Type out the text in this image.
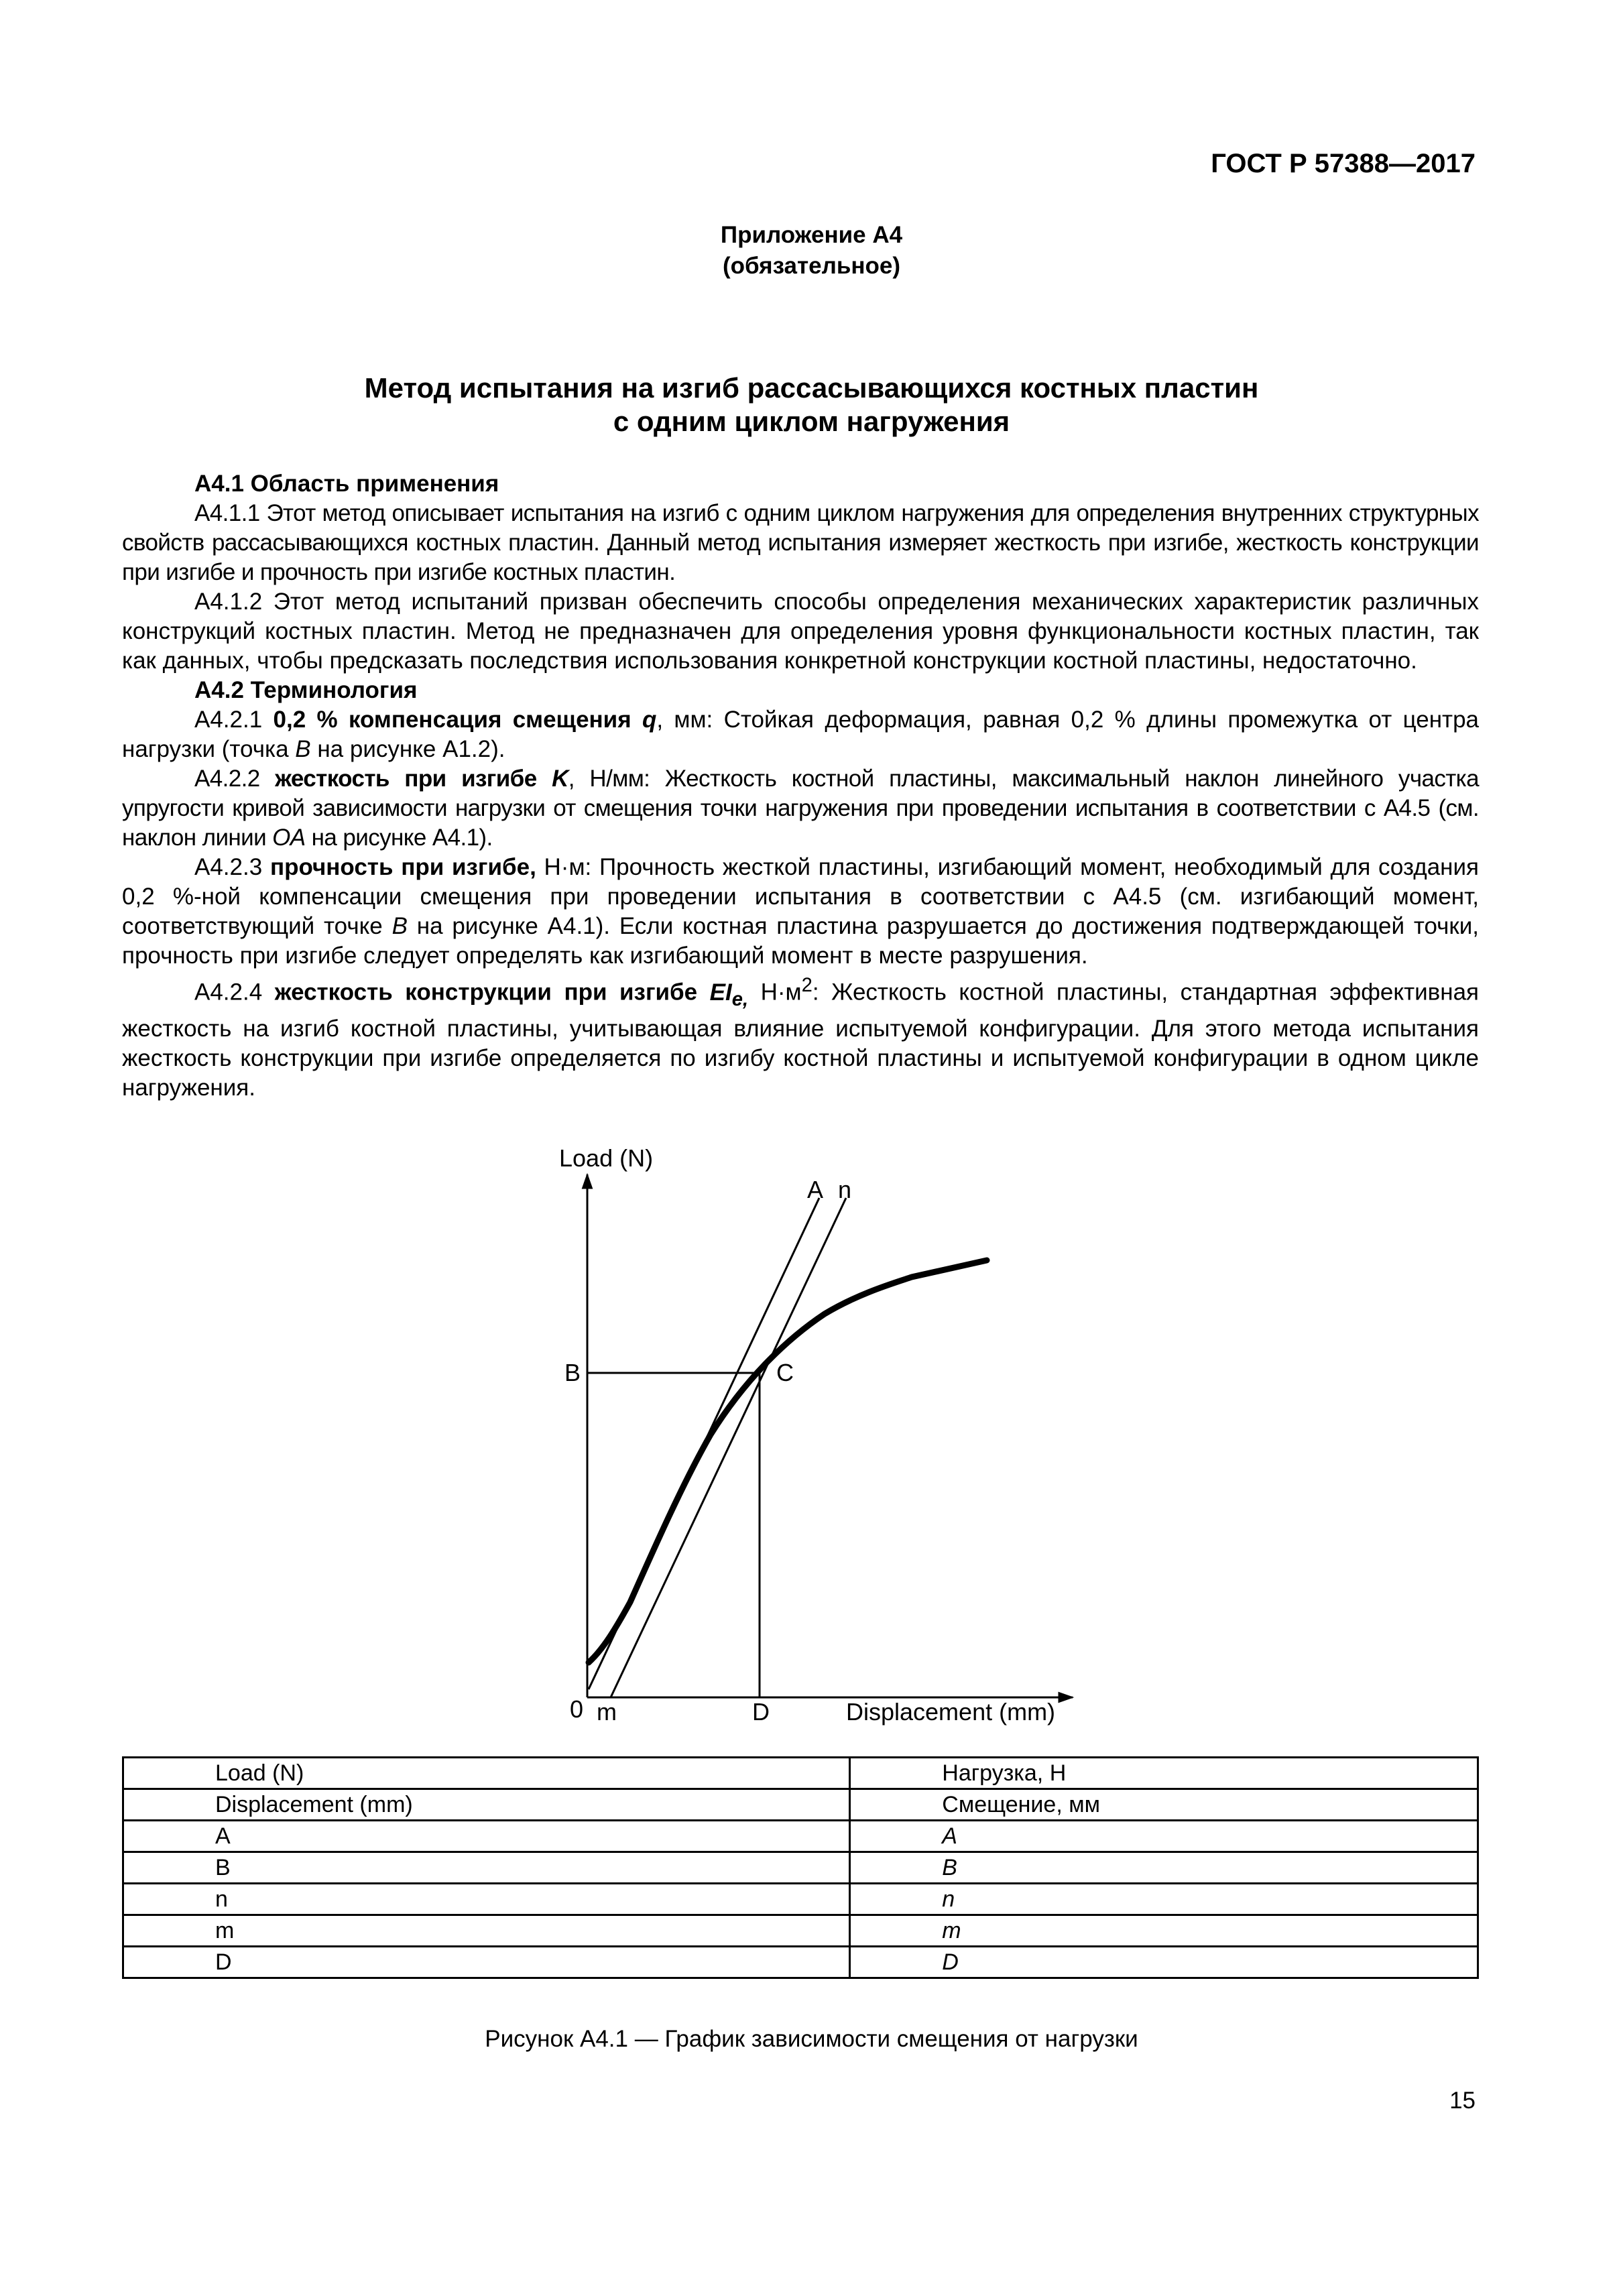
ГОСТ Р 57388—2017
Приложение А4
(обязательное)
Метод испытания на изгиб рассасывающихся костных пластин
с одним циклом нагружения

А4.1 Область применения

А4.1.1 Этот метод описывает испытания на изгиб с одним циклом нагружения для определения внутренних структурных свойств рассасывающихся костных пластин. Данный метод испытания измеряет жесткость при изгибе, жесткость конструкции при изгибе и прочность при изгибе костных пластин.

А4.1.2 Этот метод испытаний призван обеспечить способы определения механических характеристик различных конструкций костных пластин. Метод не предназначен для определения уровня функциональности костных пластин, так как данных, чтобы предсказать последствия использования конкретной конструкции костной пластины, недостаточно.

А4.2 Терминология

А4.2.1 0,2 % компенсация смещения q, мм: Стойкая деформация, равная 0,2 % длины промежутка от центра нагрузки (точка B на рисунке А1.2).

А4.2.2 жесткость при изгибе K, Н/мм: Жесткость костной пластины, максимальный наклон линейного участка упругости кривой зависимости нагрузки от смещения точки нагружения при проведении испытания в соответствии с А4.5 (см. наклон линии OA на рисунке А4.1).

А4.2.3 прочность при изгибе, Н·м: Прочность жесткой пластины, изгибающий момент, необходимый для создания 0,2 %-ной компенсации смещения при проведении испытания в соответствии с А4.5 (см. изгибающий момент, соответствующий точке B на рисунке А4.1). Если костная пластина разрушается до достижения подтверждающей точки, прочность при изгибе следует определять как изгибающий момент в месте разрушения.

А4.2.4 жесткость конструкции при изгибе $EI_{e,}$ $Н\cdot м^2$: Жесткость костной пластины, стандартная эффективная жесткость на изгиб костной пластины, учитывающая влияние испытуемой конфигурации. Для этого метода испытания жесткость конструкции при изгибе определяется по изгибу костной пластины и испытуемой конфигурации в одном цикле нагружения.

Load (N)
A n
B	C
0 m	D	Displacement (mm)
Load (N)	Нагрузка, Н
Displacement (mm)	Смещение, мм
A	A
B	B
n	n
m	m
D	D
Рисунок А4.1 — График зависимости смещения от нагрузки
15
